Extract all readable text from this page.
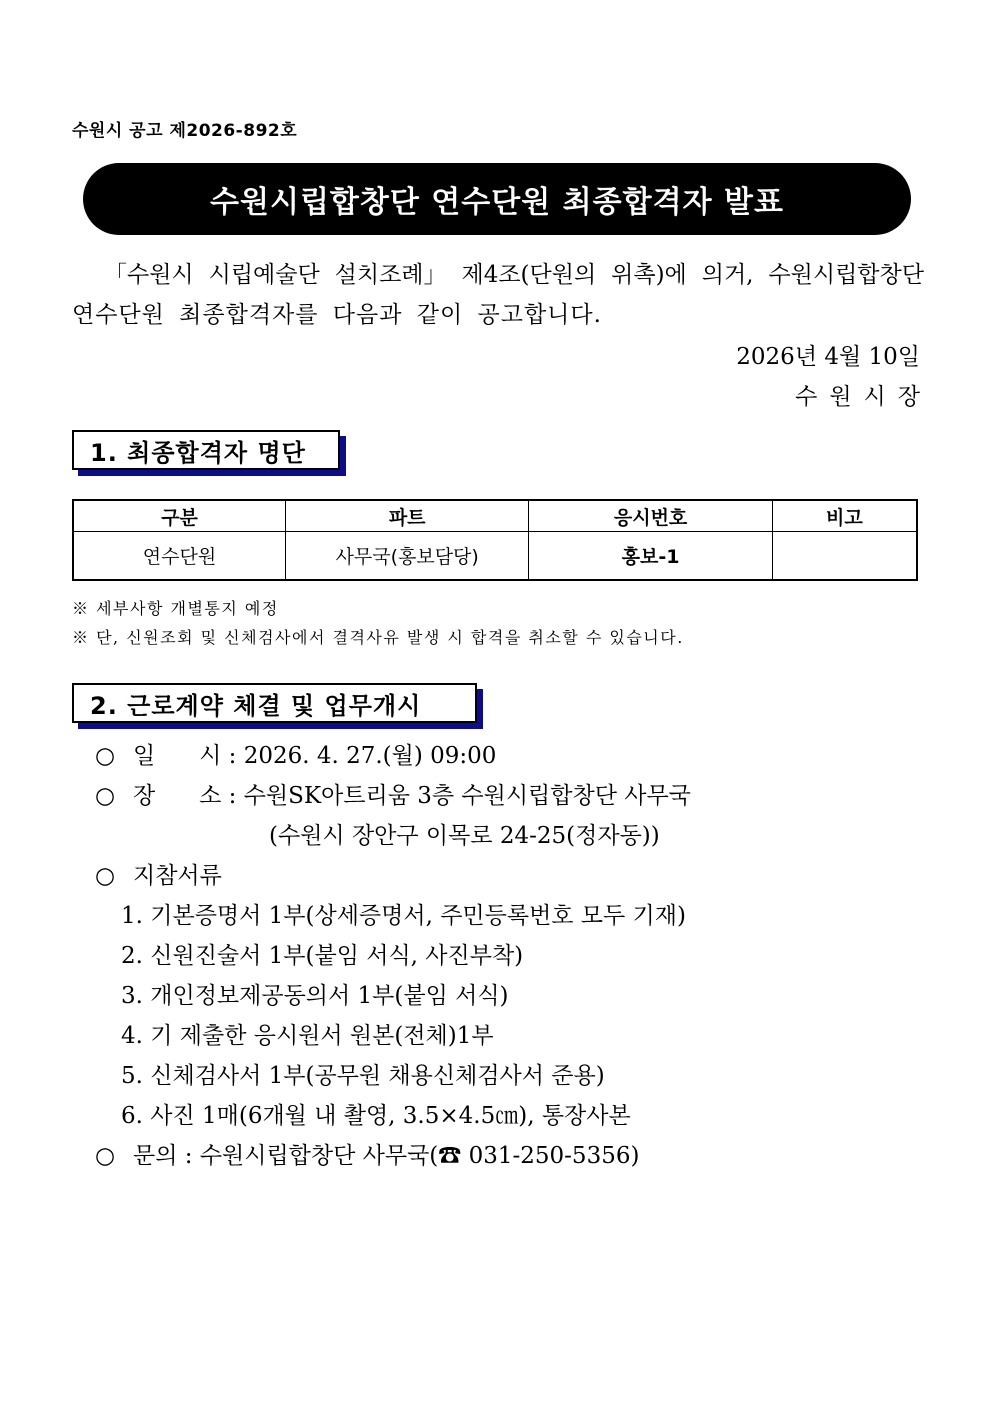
수원시 공고 제2026-892호
수원시립합창단 연수단원 최종합격자 발표
「수원시 시립예술단 설치조례」 제4조(단원의 위촉)에 의거, 수원시립합창단
연수단원 최종합격자를 다음과 같이 공고합니다.
2026년 4월 10일
수원시장
1. 최종합격자 명단
구분	파트	응시번호	비고
연수단원	사무국(홍보담당)	홍보-1	
※ 세부사항 개별통지 예정
※ 단, 신원조회 및 신체검사에서 결격사유 발생 시 합격을 취소할 수 있습니다.
2. 근로계약 체결 및 업무개시
○ 일      시 : 2026. 4. 27.(월) 09:00
○ 장      소 : 수원SK아트리움 3층 수원시립합창단 사무국
(수원시 장안구 이목로 24-25(정자동))
○ 지참서류
1. 기본증명서 1부(상세증명서, 주민등록번호 모두 기재)
2. 신원진술서 1부(붙임 서식, 사진부착)
3. 개인정보제공동의서 1부(붙임 서식)
4. 기 제출한 응시원서 원본(전체)1부
5. 신체검사서 1부(공무원 채용신체검사서 준용)
6. 사진 1매(6개월 내 촬영, 3.5×4.5㎝), 통장사본
○ 문의 : 수원시립합창단 사무국(☎ 031-250-5356)
